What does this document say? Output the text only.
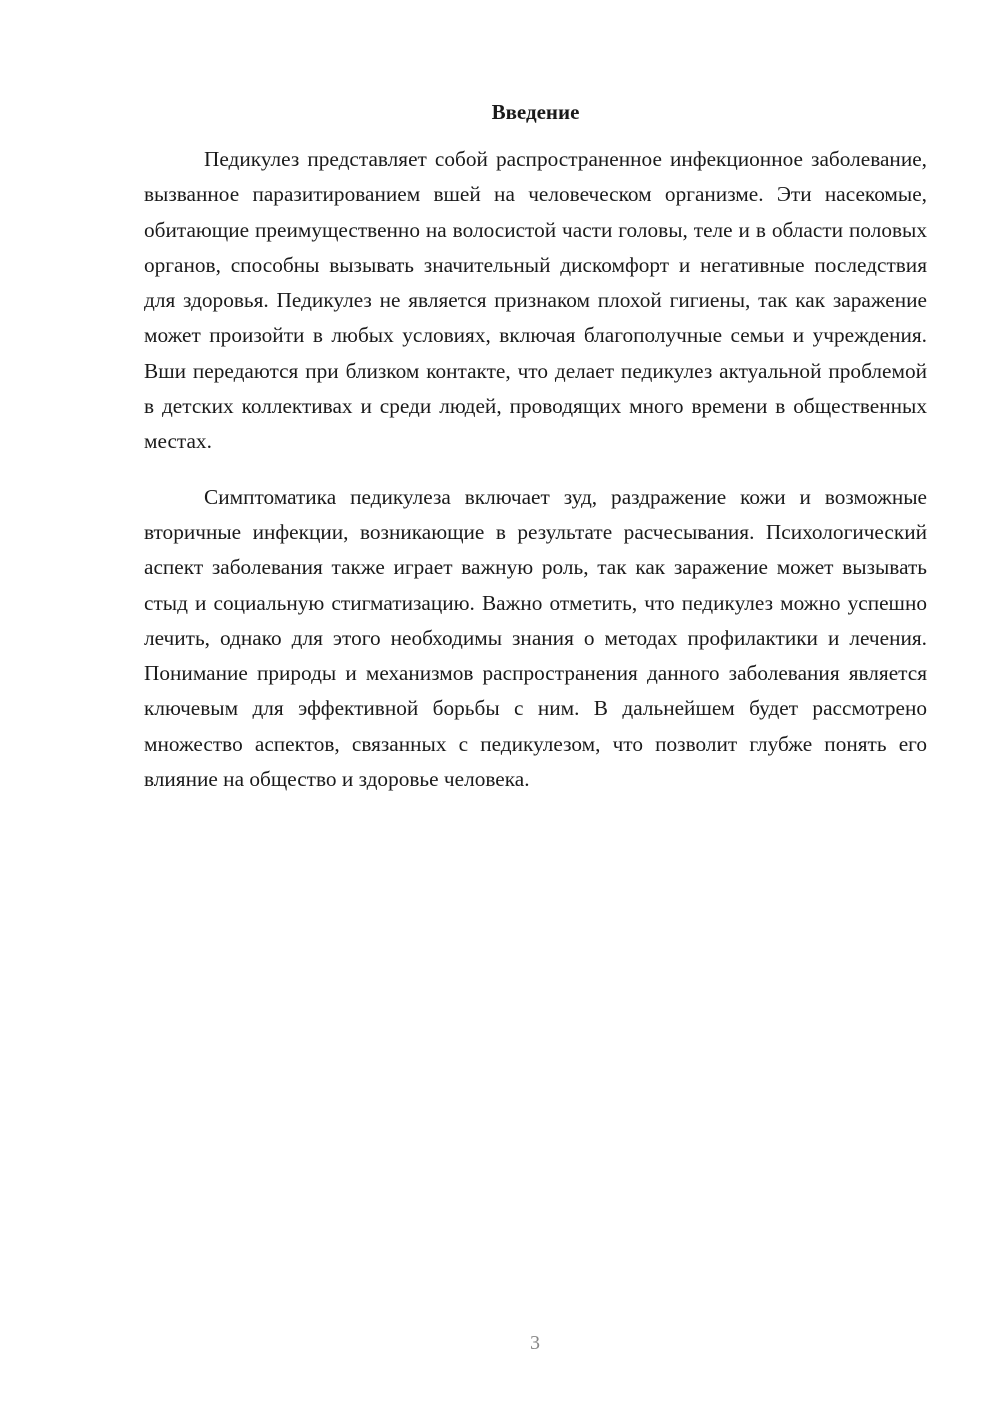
Введение

Педикулез представляет собой распространенное инфекционное заболевание, вызванное паразитированием вшей на человеческом организме. Эти насекомые, обитающие преимущественно на волосистой части головы, теле и в области половых органов, способны вызывать значительный дискомфорт и негативные последствия для здоровья. Педикулез не является признаком плохой гигиены, так как заражение может произойти в любых условиях, включая благополучные семьи и учреждения. Вши передаются при близком контакте, что делает педикулез актуальной проблемой в детских коллективах и среди людей, проводящих много времени в общественных местах.

Симптоматика педикулеза включает зуд, раздражение кожи и возможные вторичные инфекции, возникающие в результате расчесывания. Психологический аспект заболевания также играет важную роль, так как заражение может вызывать стыд и социальную стигматизацию. Важно отметить, что педикулез можно успешно лечить, однако для этого необходимы знания о методах профилактики и лечения. Понимание природы и механизмов распространения данного заболевания является ключевым для эффективной борьбы с ним. В дальнейшем будет рассмотрено множество аспектов, связанных с педикулезом, что позволит глубже понять его влияние на общество и здоровье человека.

3
